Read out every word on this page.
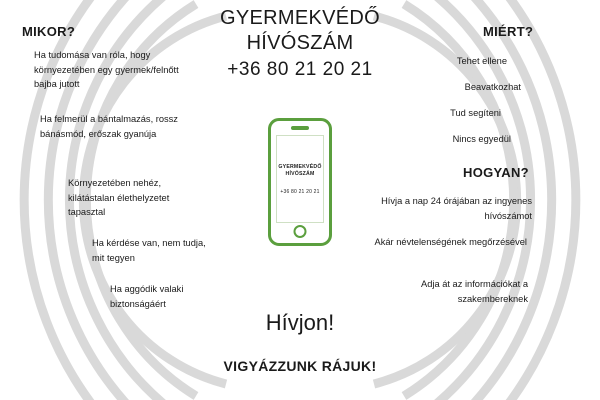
GYERMEKVÉDŐ
HÍVÓSZÁM
+36 80 21 20 21
GYERMEKVÉDŐ HÍVÓSZÁM
+36 80 21 20 21
MIKOR?	MIÉRT?
HOGYAN?
Ha tudomása van róla, hogy környezetében egy gyermek/felnőtt bajba jutott
Ha felmerül a bántalmazás, rossz bánásmód, erőszak gyanúja
Környezetében nehéz, kilátástalan élethelyzetet tapasztal
Ha kérdése van, nem tudja, mit tegyen
Ha aggódik valaki biztonságáért
Tehet ellene
Beavatkozhat
Tud segíteni
Nincs egyedül
Hívja a nap 24 órájában az ingyenes hívószámot
Akár névtelenségének megőrzésével
Adja át az információkat a szakembereknek
Hívjon!
VIGYÁZZUNK RÁJUK!
